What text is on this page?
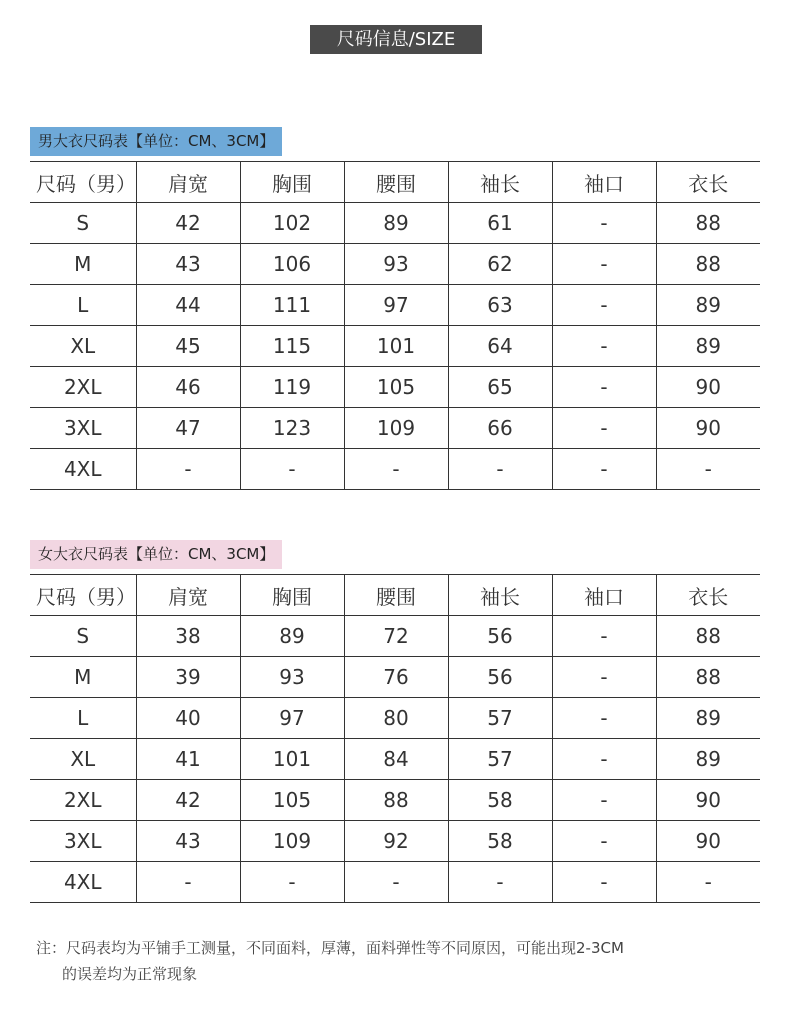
尺码信息/SIZE
男大衣尺码表【单位：CM、3CM】
尺码（男）	肩宽	胸围	腰围	袖长	袖口	衣长
S	42	102	89	61	-	88
M	43	106	93	62	-	88
L	44	111	97	63	-	89
XL	45	115	101	64	-	89
2XL	46	119	105	65	-	90
3XL	47	123	109	66	-	90
4XL	-	-	-	-	-	-
女大衣尺码表【单位：CM、3CM】
尺码（男）	肩宽	胸围	腰围	袖长	袖口	衣长
S	38	89	72	56	-	88
M	39	93	76	56	-	88
L	40	97	80	57	-	89
XL	41	101	84	57	-	89
2XL	42	105	88	58	-	90
3XL	43	109	92	58	-	90
4XL	-	-	-	-	-	-
注：尺码表均为平铺手工测量，不同面料，厚薄，面料弹性等不同原因，可能出现2-3CM
的误差均为正常现象
